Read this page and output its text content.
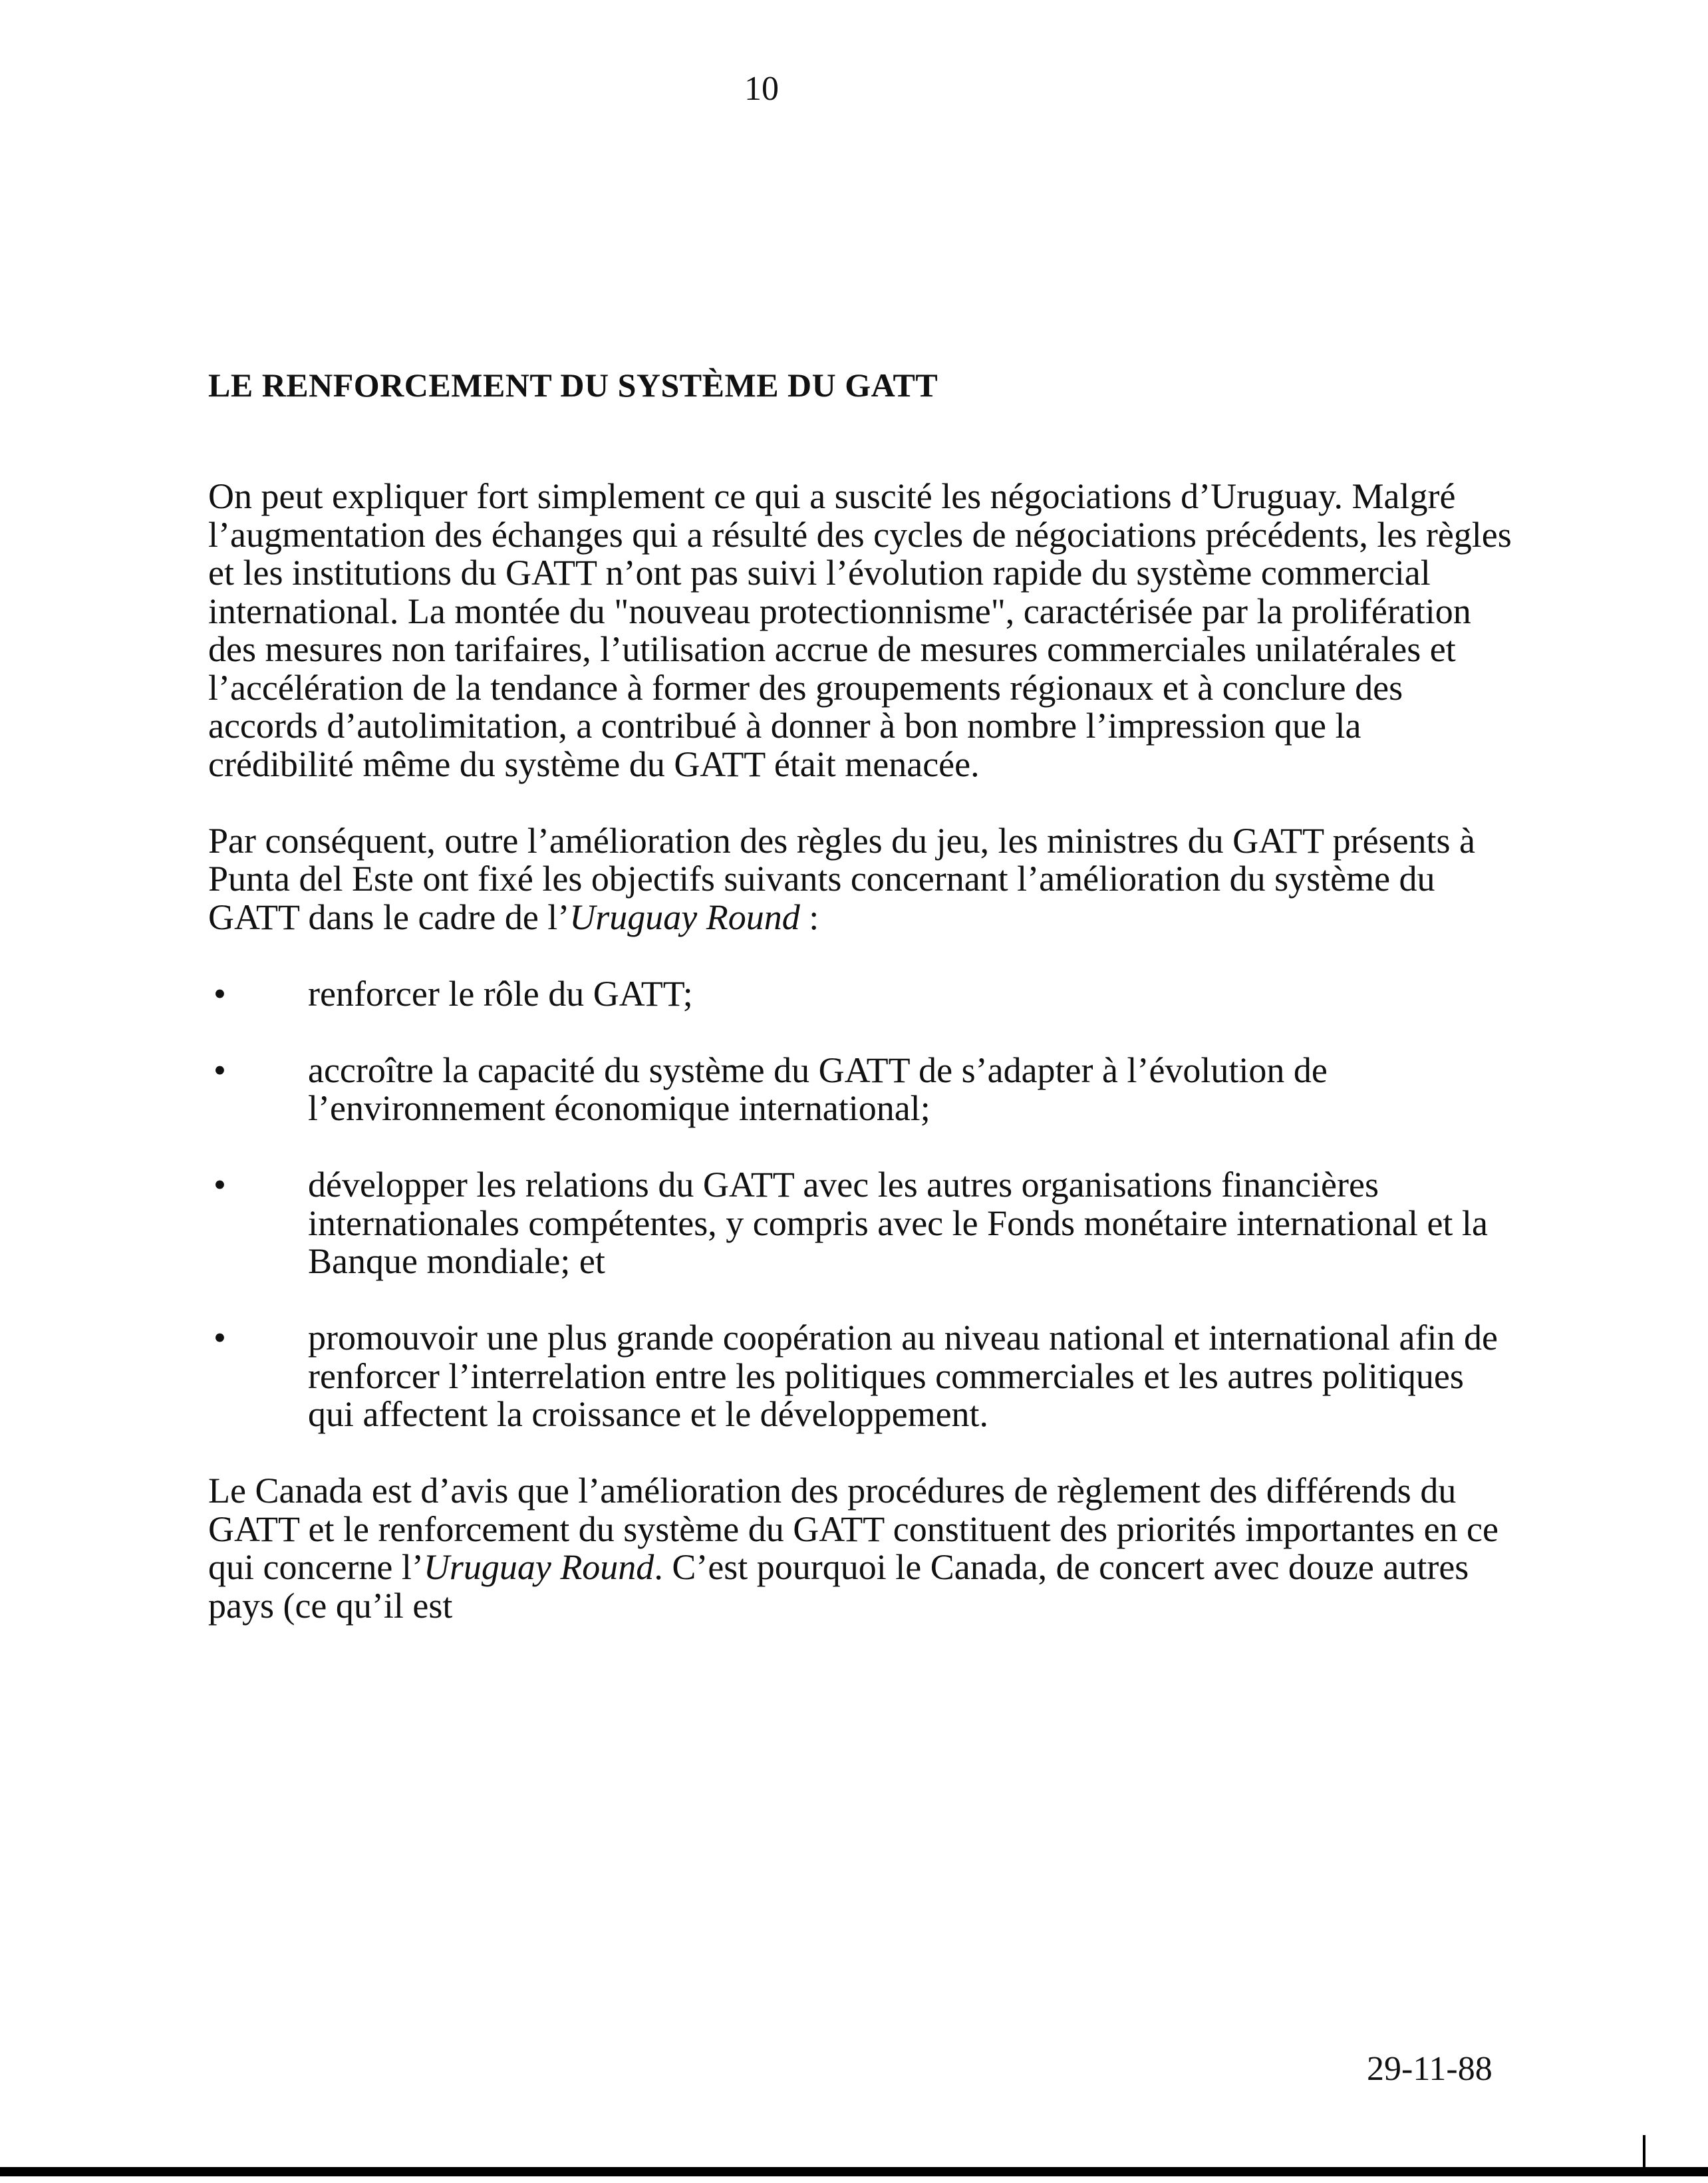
10
LE RENFORCEMENT DU SYSTÈME DU GATT

On peut expliquer fort simplement ce qui a suscité les négociations d’Uruguay. Malgré l’augmentation des échanges qui a résulté des cycles de négociations précédents, les règles et les institutions du GATT n’ont pas suivi l’évolution rapide du système commercial international. La montée du "nouveau protectionnisme", caractérisée par la prolifération des mesures non tarifaires, l’utilisation accrue de mesures commerciales unilatérales et l’accélération de la tendance à former des groupements régionaux et à conclure des accords d’autolimitation, a contribué à donner à bon nombre l’impression que la crédibilité même du système du GATT était menacée.

Par conséquent, outre l’amélioration des règles du jeu, les ministres du GATT présents à Punta del Este ont fixé les objectifs suivants concernant l’amélioration du système du GATT dans le cadre de l’Uruguay Round :

• renforcer le rôle du GATT;
• accroître la capacité du système du GATT de s’adapter à l’évolution de l’environnement économique international;
• développer les relations du GATT avec les autres organisations financières internationales compétentes, y compris avec le Fonds monétaire international et la Banque mondiale; et
• promouvoir une plus grande coopération au niveau national et international afin de renforcer l’interrelation entre les politiques commerciales et les autres politiques qui affectent la croissance et le développement.

Le Canada est d’avis que l’amélioration des procédures de règlement des différends du GATT et le renforcement du système du GATT constituent des priorités importantes en ce qui concerne l’Uruguay Round. C’est pourquoi le Canada, de concert avec douze autres pays (ce qu’il est

29-11-88
